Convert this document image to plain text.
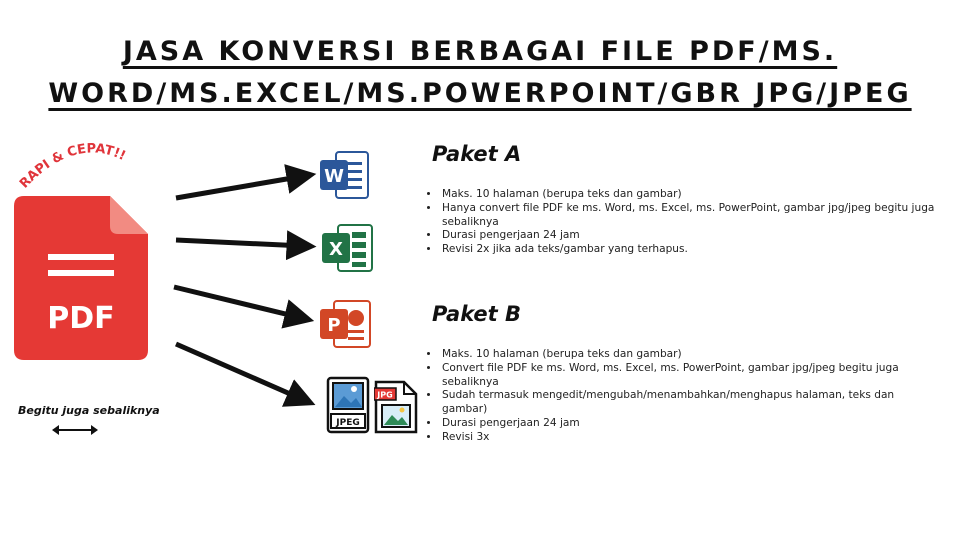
JASA KONVERSI BERBAGAI FILE PDF/MS.
WORD/MS.EXCEL/MS.POWERPOINT/GBR JPG/JPEG
RAPI & CEPAT!!
PDF
Begitu juga sebaliknya
W
X
P
JPEG
JPG
Paket A
• Maks. 10 halaman (berupa teks dan gambar)
• Hanya convert file PDF ke ms. Word, ms. Excel, ms. PowerPoint, gambar jpg/jpeg begitu juga sebaliknya
• Durasi pengerjaan 24 jam
• Revisi 2x jika ada teks/gambar yang terhapus.
Paket B
• Maks. 10 halaman (berupa teks dan gambar)
• Convert file PDF ke ms. Word, ms. Excel, ms. PowerPoint, gambar jpg/jpeg begitu juga sebaliknya
• Sudah termasuk mengedit/mengubah/menambahkan/menghapus halaman, teks dan gambar)
• Durasi pengerjaan 24 jam
• Revisi 3x
